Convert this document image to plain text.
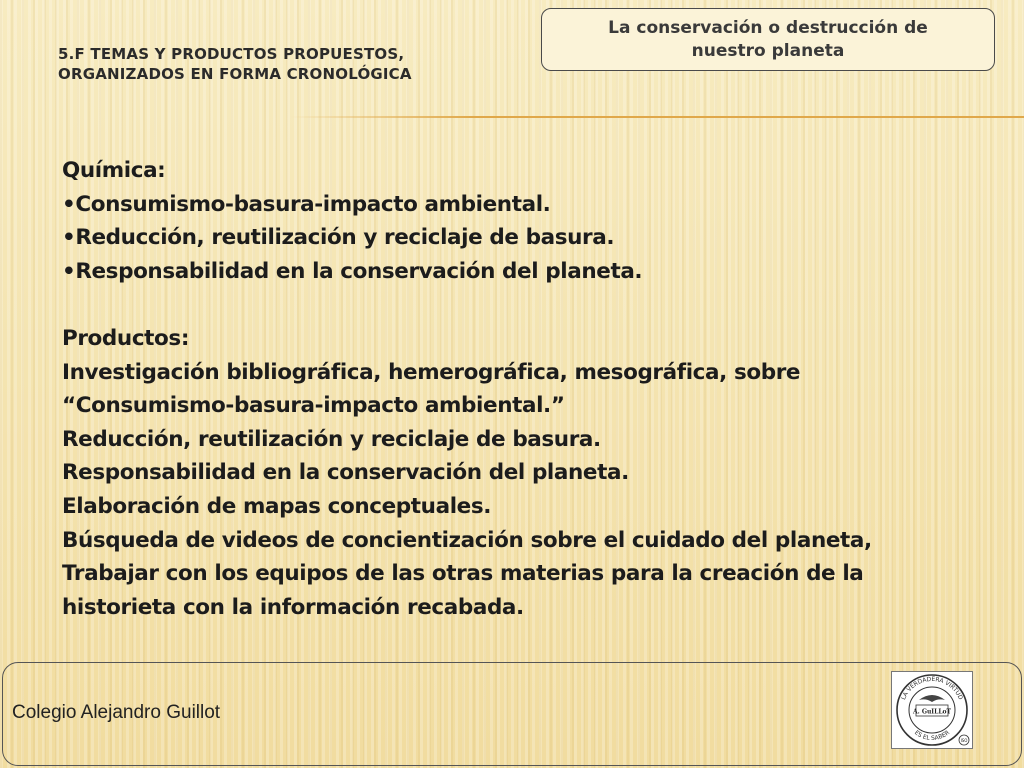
5.F TEMAS Y PRODUCTOS PROPUESTOS, ORGANIZADOS EN FORMA CRONOLÓGICA
La conservación o destrucción de nuestro planeta
Química:
•Consumismo-basura-impacto ambiental.
•Reducción, reutilización y reciclaje de basura.
•Responsabilidad en la conservación del planeta.

Productos:
Investigación bibliográfica, hemerográfica, mesográfica, sobre
“Consumismo-basura-impacto ambiental.”
Reducción, reutilización y reciclaje de basura.
Responsabilidad en la conservación del planeta.
Elaboración de mapas conceptuales.
Búsqueda de videos de concientización sobre el cuidado del planeta,
Trabajar con los equipos de las otras materias para la creación de la
historieta con la información recabada.
Colegio Alejandro Guillot
LA VERDADERA VIRTUD
ES EL SABER
A. GuILLoT
ISO
